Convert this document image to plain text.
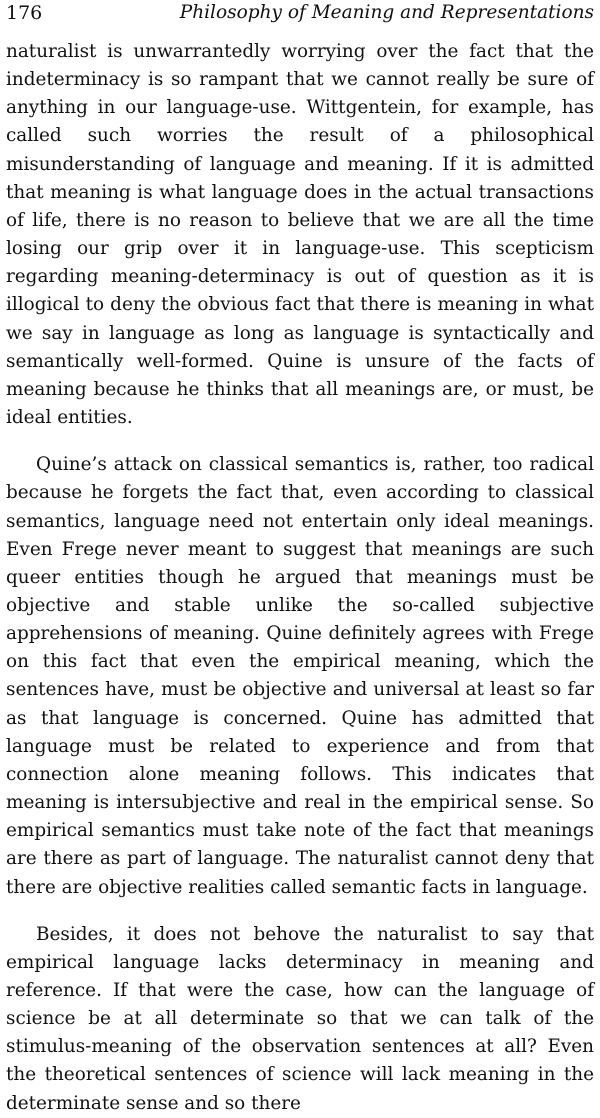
176	Philosophy of Meaning and Representations

naturalist is unwarrantedly worrying over the fact that the indeterminacy is so rampant that we cannot really be sure of anything in our language-use. Wittgentein, for example, has called such worries the result of a philosophical misunderstanding of language and meaning. If it is admitted that meaning is what language does in the actual transactions of life, there is no reason to believe that we are all the time losing our grip over it in language-use. This scepticism regarding meaning-determinacy is out of question as it is illogical to deny the obvious fact that there is meaning in what we say in language as long as language is syntactically and semantically well-formed. Quine is unsure of the facts of meaning because he thinks that all meanings are, or must, be ideal entities.

Quine’s attack on classical semantics is, rather, too radical because he forgets the fact that, even according to classical semantics, language need not entertain only ideal meanings. Even Frege never meant to suggest that meanings are such queer entities though he argued that meanings must be objective and stable unlike the so-called subjective apprehensions of meaning. Quine definitely agrees with Frege on this fact that even the empirical meaning, which the sentences have, must be objective and universal at least so far as that language is concerned. Quine has admitted that language must be related to experience and from that connection alone meaning follows. This indicates that meaning is intersubjective and real in the empirical sense. So empirical semantics must take note of the fact that meanings are there as part of language. The naturalist cannot deny that there are objective realities called semantic facts in language.

Besides, it does not behove the naturalist to say that empirical language lacks determinacy in meaning and reference. If that were the case, how can the language of science be at all determinate so that we can talk of the stimulus-meaning of the observation sentences at all? Even the theoretical sentences of science will lack meaning in the determinate sense and so there
